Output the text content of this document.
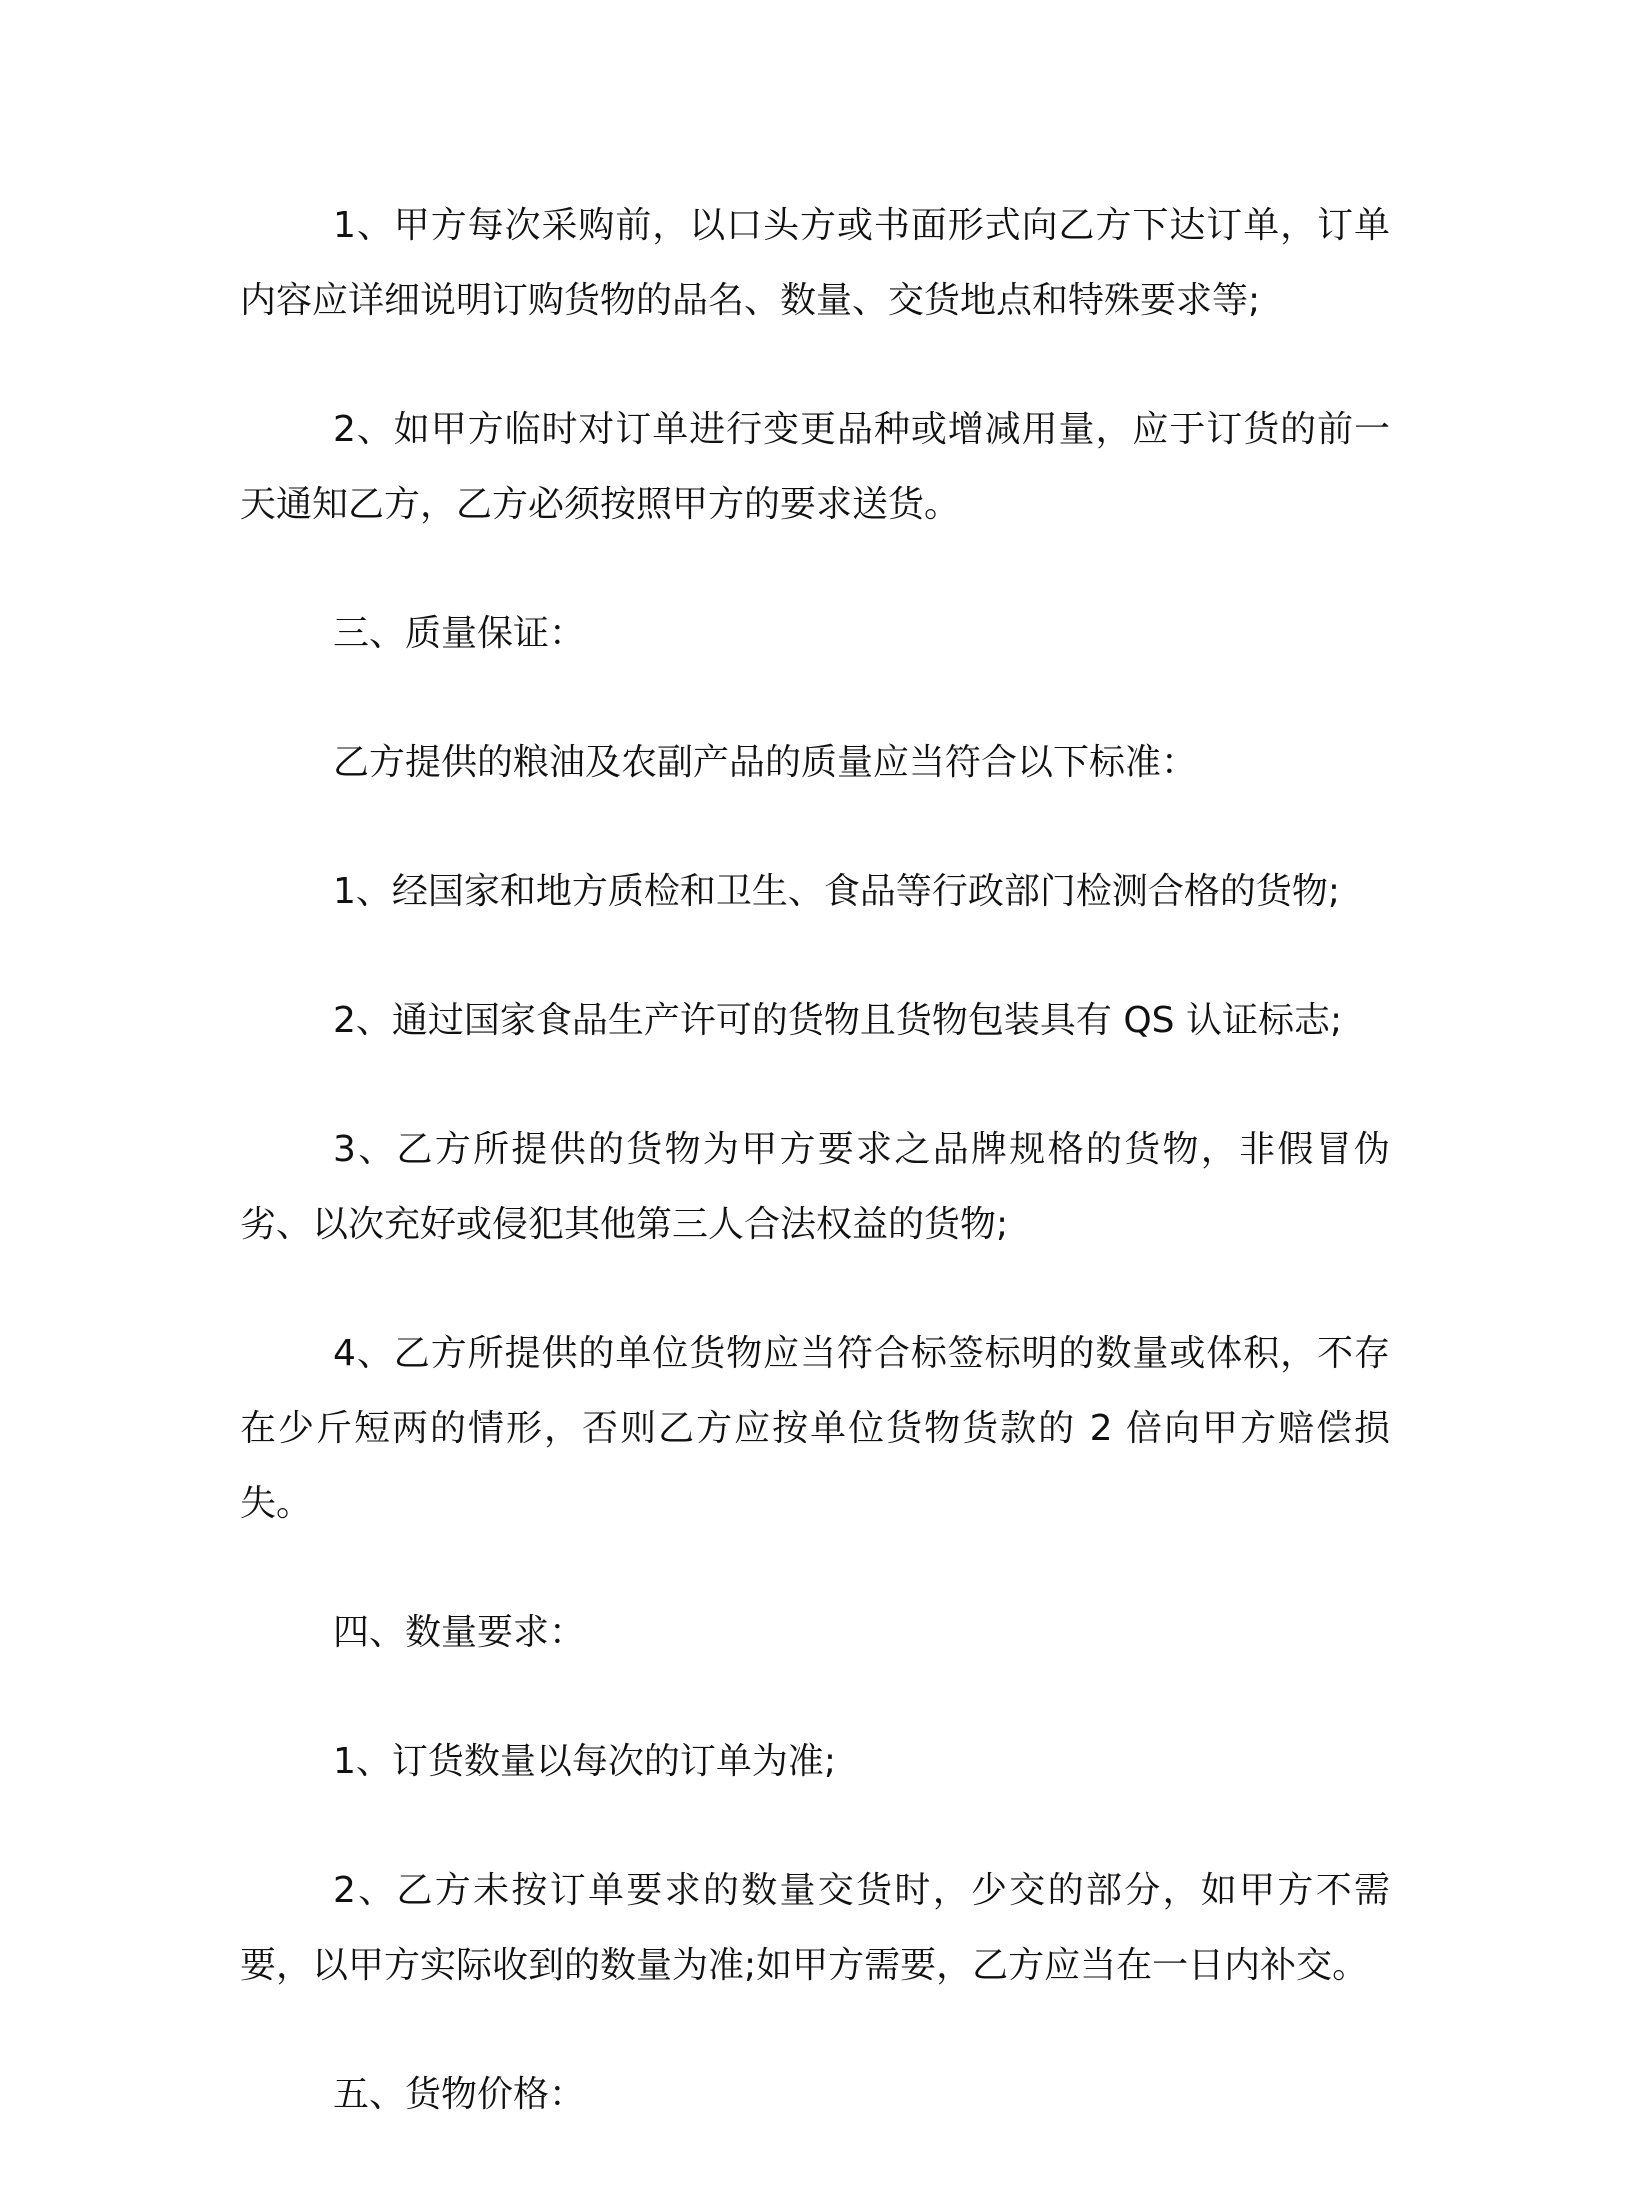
1、甲方每次采购前，以口头方或书面形式向乙方下达订单，订单内容应详细说明订购货物的品名、数量、交货地点和特殊要求等;

2、如甲方临时对订单进行变更品种或增减用量，应于订货的前一天通知乙方，乙方必须按照甲方的要求送货。

三、质量保证：

乙方提供的粮油及农副产品的质量应当符合以下标准：

1、经国家和地方质检和卫生、食品等行政部门检测合格的货物;

2、通过国家食品生产许可的货物且货物包装具有 QS 认证标志;

3、乙方所提供的货物为甲方要求之品牌规格的货物，非假冒伪劣、以次充好或侵犯其他第三人合法权益的货物;

4、乙方所提供的单位货物应当符合标签标明的数量或体积，不存在少斤短两的情形，否则乙方应按单位货物货款的 2 倍向甲方赔偿损失。

四、数量要求：

1、订货数量以每次的订单为准;

2、乙方未按订单要求的数量交货时，少交的部分，如甲方不需要，以甲方实际收到的数量为准;如甲方需要，乙方应当在一日内补交。

五、货物价格：
